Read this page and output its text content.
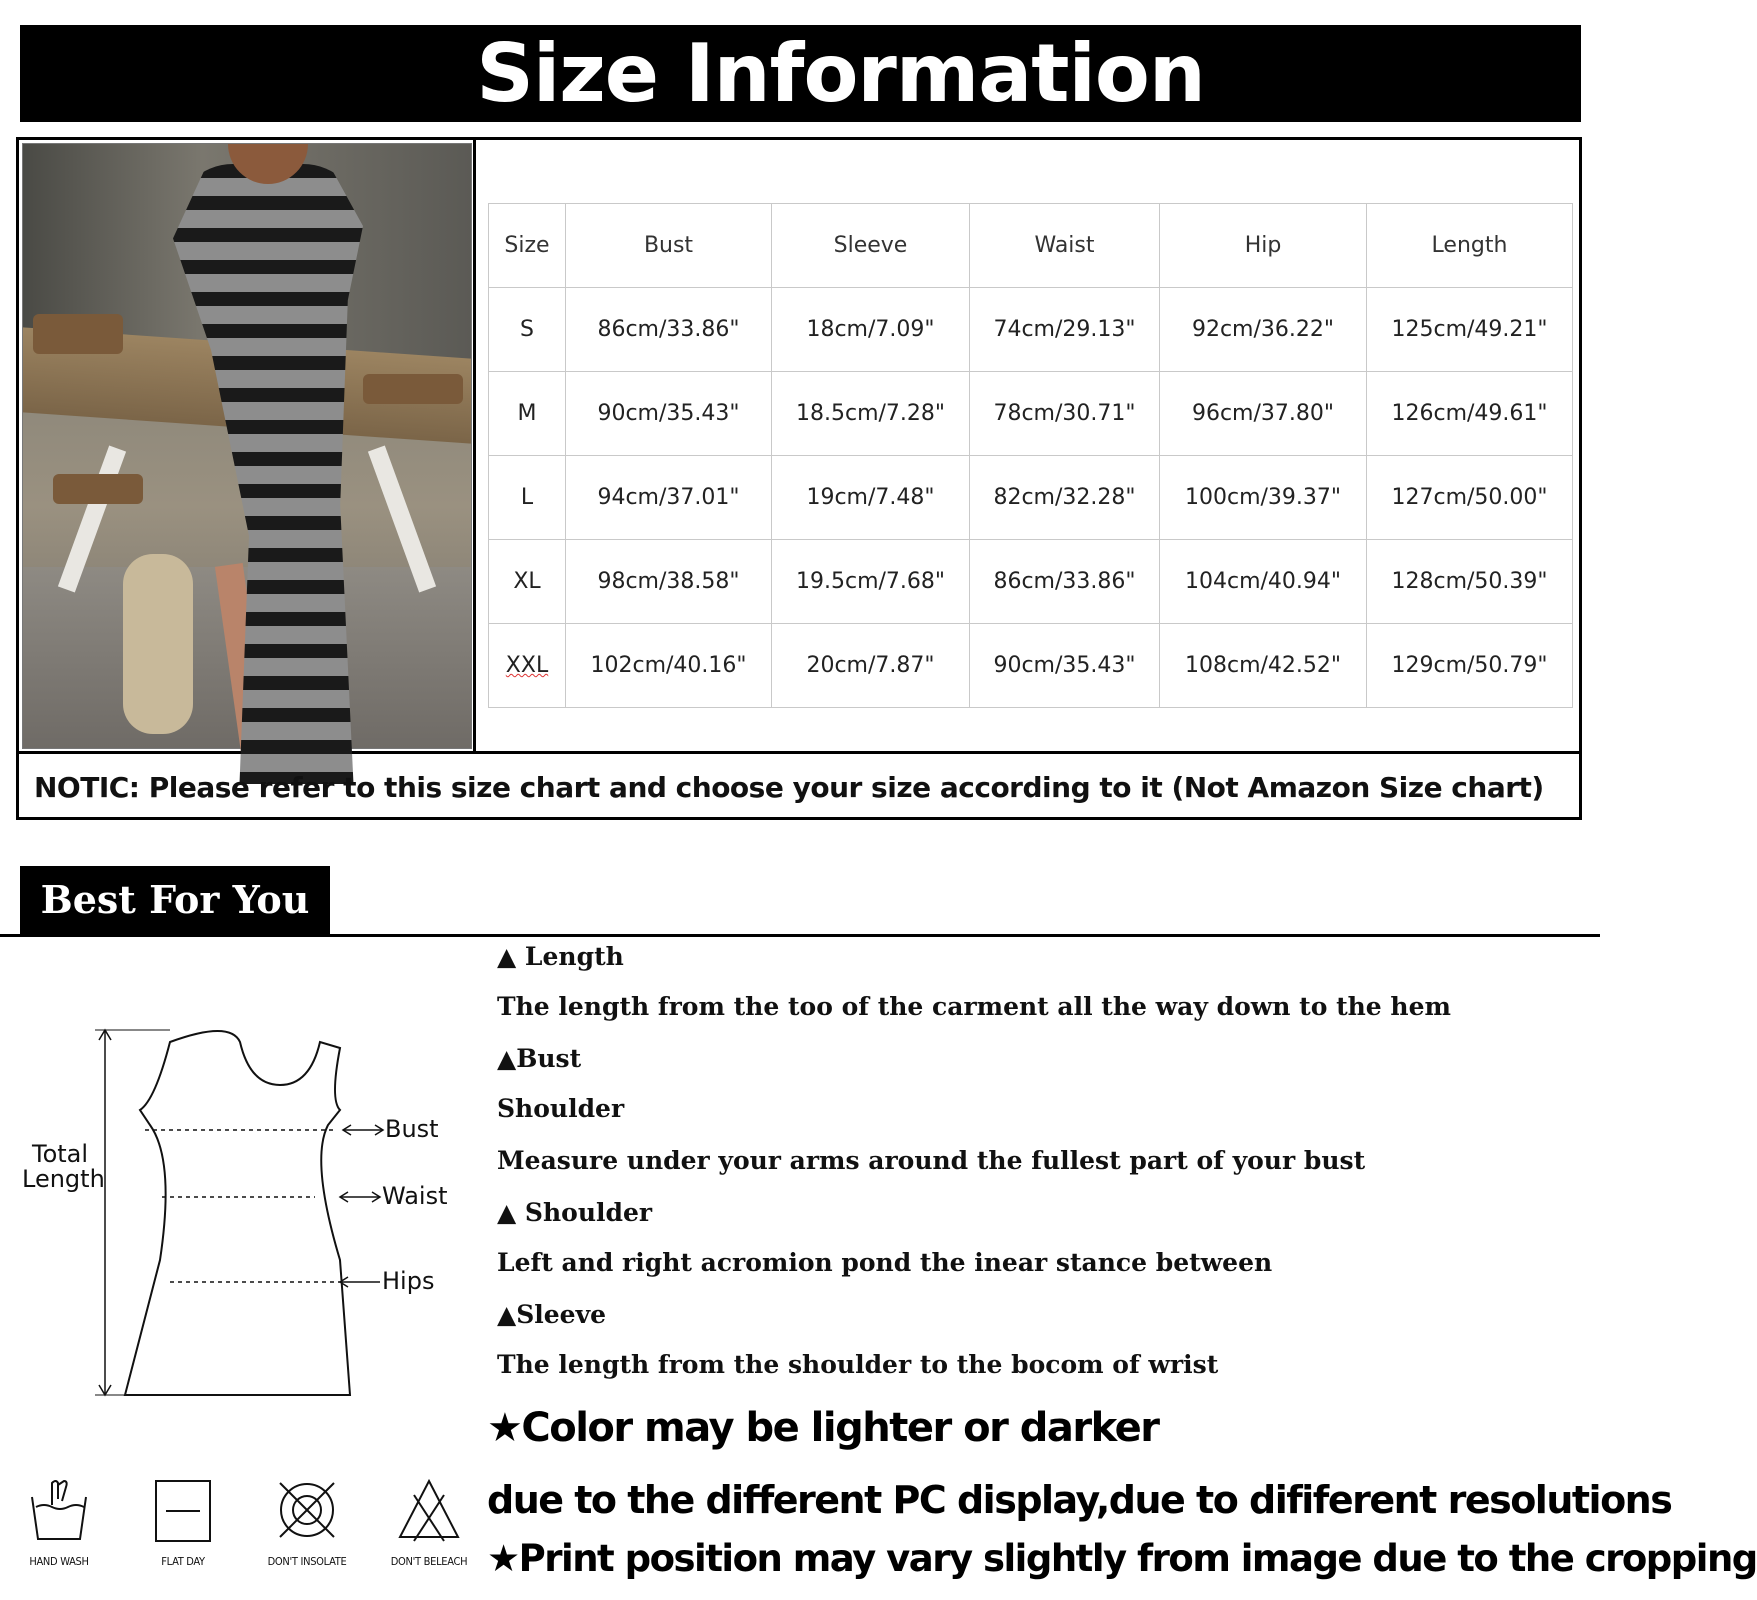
Size Information
Size	Bust	Sleeve	Waist	Hip	Length
S	86cm/33.86"	18cm/7.09"	74cm/29.13"	92cm/36.22"	125cm/49.21"
M	90cm/35.43"	18.5cm/7.28"	78cm/30.71"	96cm/37.80"	126cm/49.61"
L	94cm/37.01"	19cm/7.48"	82cm/32.28"	100cm/39.37"	127cm/50.00"
XL	98cm/38.58"	19.5cm/7.68"	86cm/33.86"	104cm/40.94"	128cm/50.39"
XXL	102cm/40.16"	20cm/7.87"	90cm/35.43"	108cm/42.52"	129cm/50.79"
NOTIC: Please refer to this size chart and choose your size according to it (Not Amazon Size chart)
Best For You
Total
Length
Bust
Waist
Hips
HAND WASH	FLAT DAY	DON'T INSOLATE	DON'T BELEACH
▲ Length
The length from the too of the carment all the way down to the hem
▲Bust
Shoulder
Measure under your arms around the fullest part of your bust
▲ Shoulder
Left and right acromion pond the inear stance between
▲Sleeve
The length from the shoulder to the bocom of wrist
★Color may be lighter or darker
due to the different PC display,due to dififerent resolutions
★Print position may vary slightly from image due to the cropping
